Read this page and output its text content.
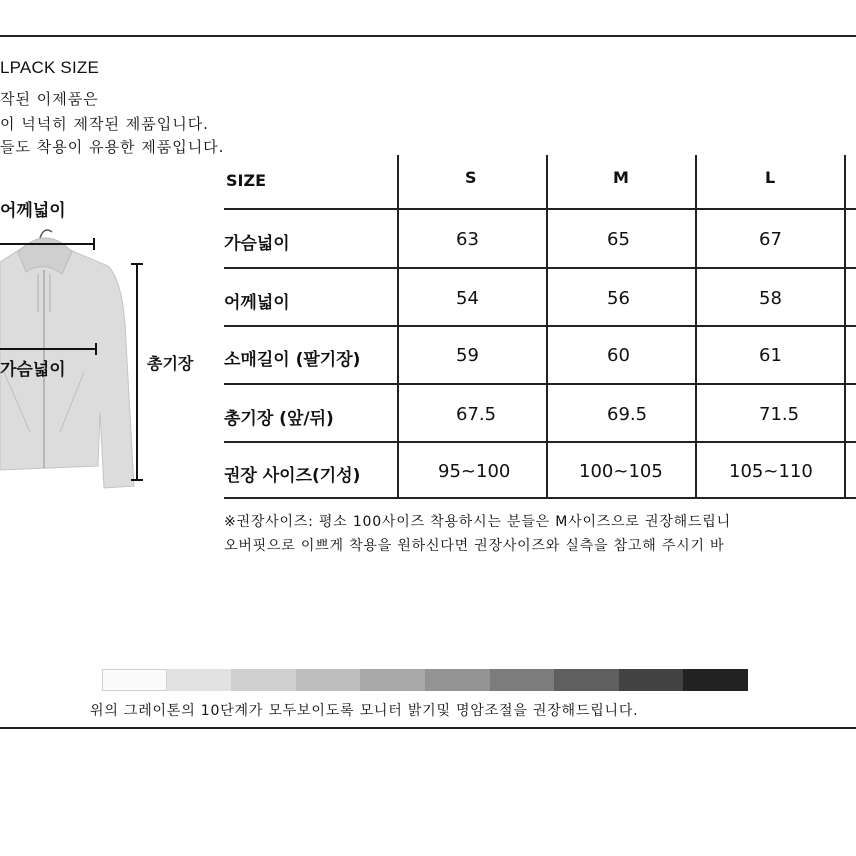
LPACK SIZE
작된 이제품은
이 넉넉히 제작된 제품입니다.
들도 착용이 유용한 제품입니다.
어께넓이
가슴넓이	총기장
SIZE	S	M	L
가슴넓이	63	65	67
어께넓이	54	56	58
소매길이 (팔기장)	59	60	61
총기장 (앞/뒤)	67.5	69.5	71.5
권장 사이즈(기성)	95~100	100~105	105~110
※권장사이즈: 평소 100사이즈 착용하시는 분들은 M사이즈으로 권장해드립니
오버핏으로 이쁘게 착용을 원하신다면 권장사이즈와 실측을 참고해 주시기 바
위의 그레이톤의 10단계가 모두보이도록 모니터 밝기및 명암조절을 권장해드립니다.
